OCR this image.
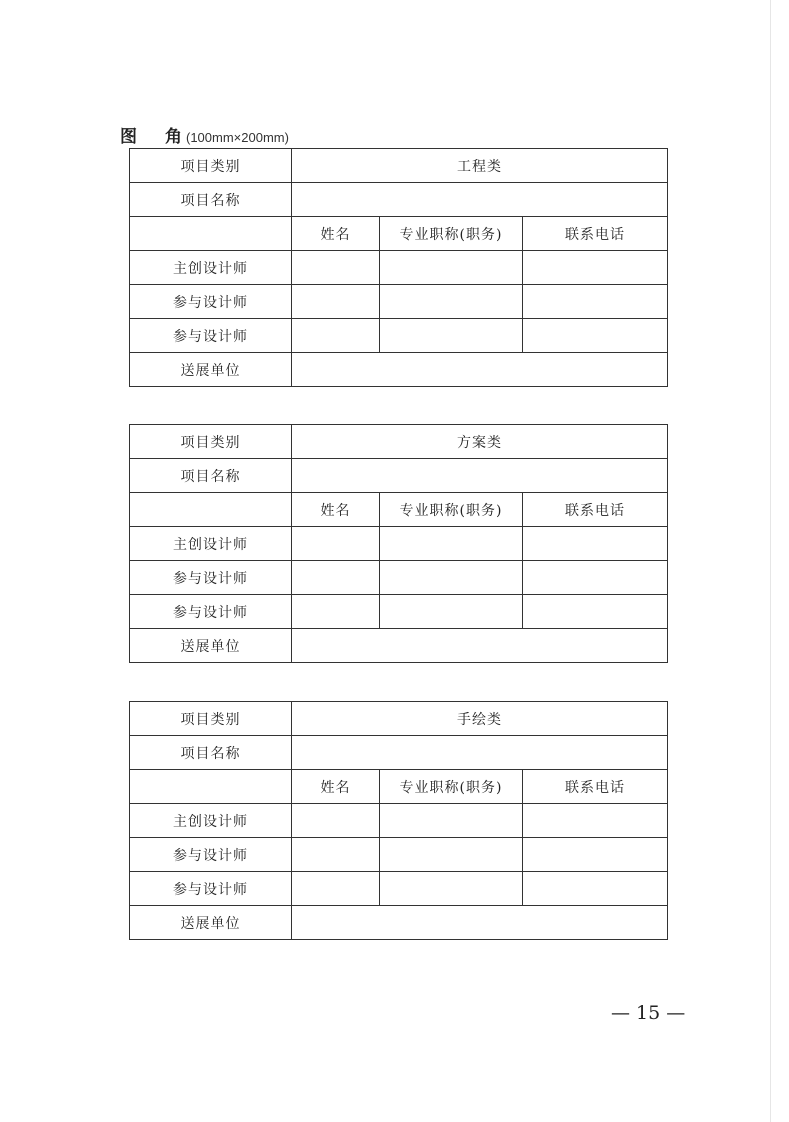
图 角 (100mm×200mm)
项目类别	工程类		
项目名称			
	姓名	专业职称(职务)	联系电话
主创设计师			
参与设计师			
参与设计师			
送展单位			
项目类别	方案类		
项目名称			
	姓名	专业职称(职务)	联系电话
主创设计师			
参与设计师			
参与设计师			
送展单位			
项目类别	手绘类		
项目名称			
	姓名	专业职称(职务)	联系电话
主创设计师			
参与设计师			
参与设计师			
送展单位			
— 15 —
